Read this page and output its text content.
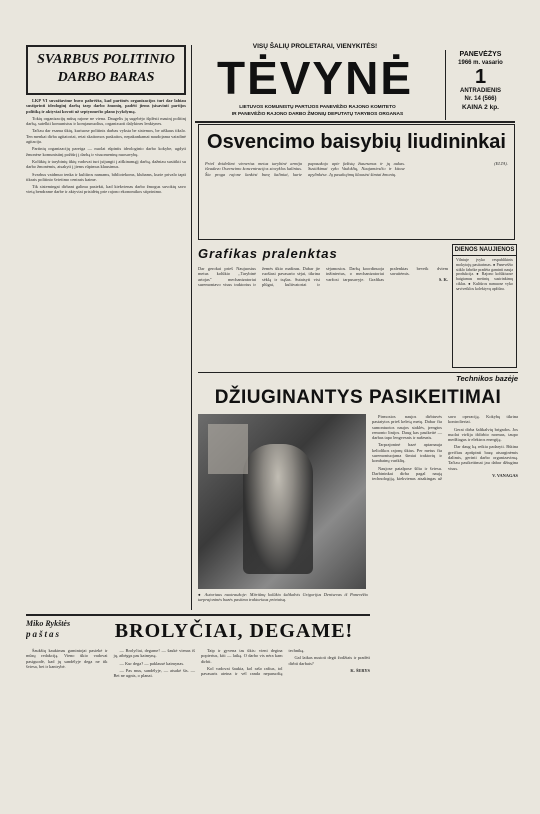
SVARBUS POLITINIO
DARBO BARAS

LKP VI suvažiavime buvo pabrėžta, kad partinės organizacijos turi dar labiau sustiprinti ideologinį darbą tarp darbo žmonių, padėti jiems įsisavinti partijos politiką ir aktyviai kovoti už septynmečio plano įvykdymą.

Tokių organizacijų mūsų rajone ne viena. Daugelis jų sugebėjo išplėsti masinį politinį darbą, sutelkti komunistus ir komjaunuolius, organizuoti dalykines lenktynes.

Tačiau dar esama ūkių, kuriuose politinis darbas vyksta be sistemos, be aiškaus tikslo. Ten menkai dirba agitatoriai, retai skaitomos paskaitos, nepakankamai naudojama vaizdinė agitacija.

Partinių organizacijų pareiga — nuolat rūpintis ideologinio darbo kokybe, ugdyti žmonėse komunistinį požiūrį į darbą ir visuomeninę nuosavybę.

Kolūkių ir tarybinių ūkių vadovai turi įsijungti į aiškinamąjį darbą, dažniau susitikti su darbo žmonėmis, atsakyti į jiems rūpimus klausimus.

Svarbus vaidmuo tenka ir kultūros namams, bibliotekoms, klubams, kurie privalo tapti tikrais politinio švietimo centrais kaime.

Tik sistemingai dirbant galima pasiekti, kad kiekvienas darbo žmogus suvoktų savo vietą bendrame darbe ir aktyviai prisidėtų prie rajono ekonomikos stiprinimo.

VISŲ ŠALIŲ PROLETARAI, VIENYKITĖS!
TĖVYNĖ
LIETUVOS KOMUNISTŲ PARTIJOS PANEVĖŽIO RAJONO KOMITETO
IR PANEVĖŽIO RAJONO DARBO ŽMONIŲ DEPUTATŲ TARYBOS ORGANAS
PANEVĖŽYS
1966 m. vasario
1
ANTRADIENIS
Nr. 14 (566)
KAINA 2 kp.
Osvencimo baisybių liudininkai
Prieš dvidešimt vienerius metus tarybinė armija išvadavo Osvencimo koncentracijos stovyklos kalinius. Šia proga rajone lankėsi buvę kaliniai, kurie papasakojo apie fašistų žiaurumus ir jų aukas. Susitikimai vyko Vadoklių, Naujamiesčio ir kitose apylinkėse. Jų pasakojimų klausėsi šimtai žmonių.
(ELTA).
Grafikas pralenktas
Dar gerokai prieš Naujuosius metus kolūkio ,,Tarybinė artojas" mechanizatoriai suremontavo visus traktorius ir žemės ūkio mašinas. Dabar jie ruošiasi pavasario sėjai, tikrina sėklą ir trąšas. Sutaisyti visi plūgai, kultivatoriai ir sėjamosios. Darbą koordinuoja inžinierius, o mechanizatoriai varžosi tarpusavyje. Grafikas pralenktas beveik dviem savaitėmis.
S. K.
DIENOS NAUJIENOS
Vilniuje įvyko respublikinis mokytojų pasitarimas. ● Panevėžio stiklo fabrike pradėta gaminti nauja produkcija. ● Rajono kolūkiuose baigiamas metinių susirinkimų ciklas. ● Kultūros namuose vyko saviveiklos kolektyvų apžiūra.
Technikos bazėje
DŽIUGINANTYS PASIKEITIMAI
● Autoriaus nuotraukoje: Mitriūnų kolūkio šaltkalvis Grigorijus Denisevas iš Panevėžio tarprajoninės bazės pasiima traktoriaus prietaisą.

Pirmosios naujos dirbtuvės pastatytos prieš keletą metų. Dabar čia sumontuotos naujos staklės, įrengtos remonto linijos. Daug kas pasikeitė — darbas tapo lengvesnis ir našesnis.

Tarprajoninė bazė aptarnauja keliolikos rajonų ūkius. Per metus čia suremontuojama šimtai traktorių ir kombainų variklių.

Naujose patalpose šilta ir šviesu. Darbininkai dirba pagal naują technologiją, kiekvienas atsakingas už savo operaciją. Kokybę tikrina kontrolieriai.

Gerai dirba šaltkalvių brigados. Jos nuolat viršija išdirbio normas, taupo medžiagas ir elektros energiją.

Dar daug ką reikia padaryti. Būtina greičiau aprūpinti bazę atsarginėmis dalimis, gerinti darbo organizavimą. Tačiau pasikeitimai jau dabar džiugina visus.

V. VANAGAS

Miko Rykštės
paštas	BROLYČIAI, DEGAME!

Šaukštų kaukimas gamintojai pasiekė ir mūsų redakciją. Vieno ūkio vadovai pasiguodė, kad jų sandėlyje dega ne tik šviesa, bet ir kantrybė.

— Brolyčiai, degame! — šaukė vienas iš jų, atbėgęs pas kaimyną.

— Kur dega? — paklausė kaimynas.

— Pas mus, sandėlyje, — atsakė šis. — Bet ne ugnis, o planai.

Taip ir gyvena tas ūkis: vieni degina popierius, kiti — laiką. O darbo vis nėra kam dirbti.

Kol vadovai šaukia, kol rašo raštus, tol pavasaris ateina ir vėl randa neparuoštą techniką.

Gal laikas nustoti degti žodžiais ir pradėti dirbti darbais?

K. ŠERYS
